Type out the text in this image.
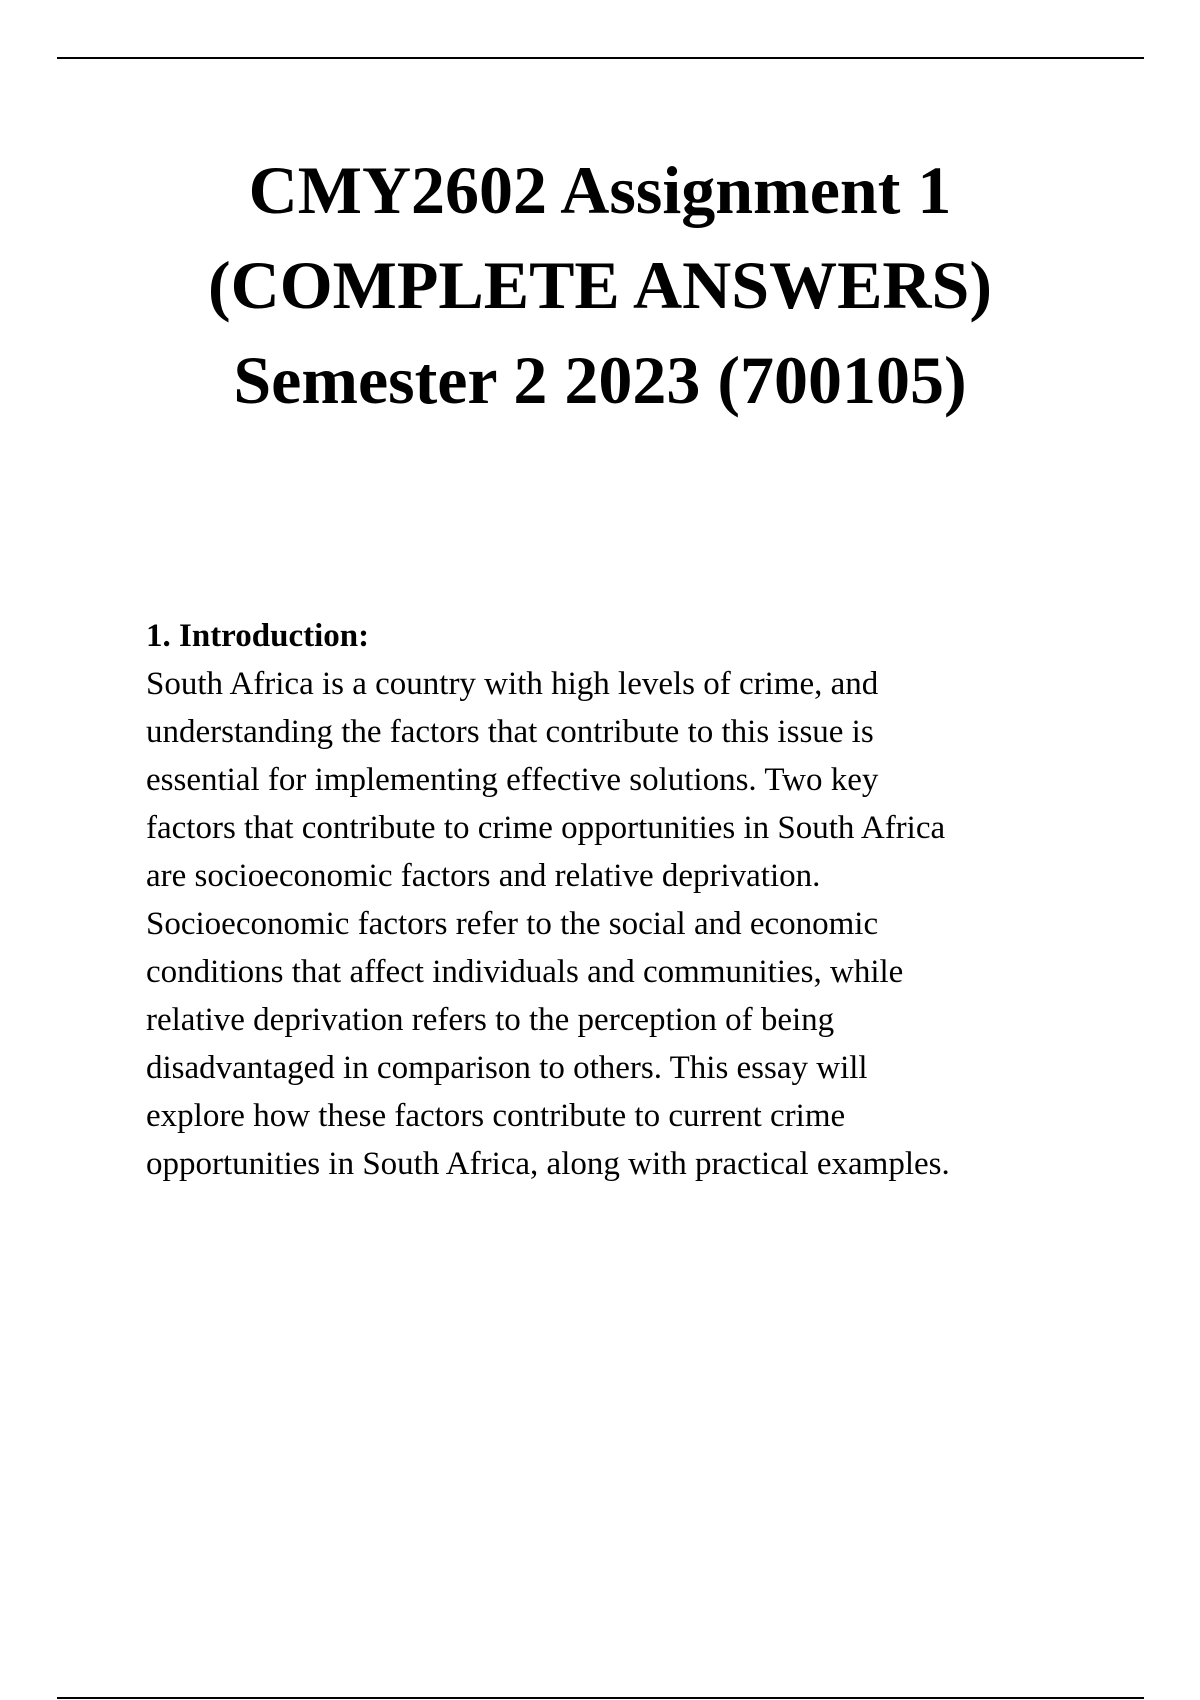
CMY2602 Assignment 1
(COMPLETE ANSWERS)
Semester 2 2023 (700105)

1. Introduction:

South Africa is a country with high levels of crime, and
understanding the factors that contribute to this issue is
essential for implementing effective solutions. Two key
factors that contribute to crime opportunities in South Africa
are socioeconomic factors and relative deprivation.
Socioeconomic factors refer to the social and economic
conditions that affect individuals and communities, while
relative deprivation refers to the perception of being
disadvantaged in comparison to others. This essay will
explore how these factors contribute to current crime
opportunities in South Africa, along with practical examples.
